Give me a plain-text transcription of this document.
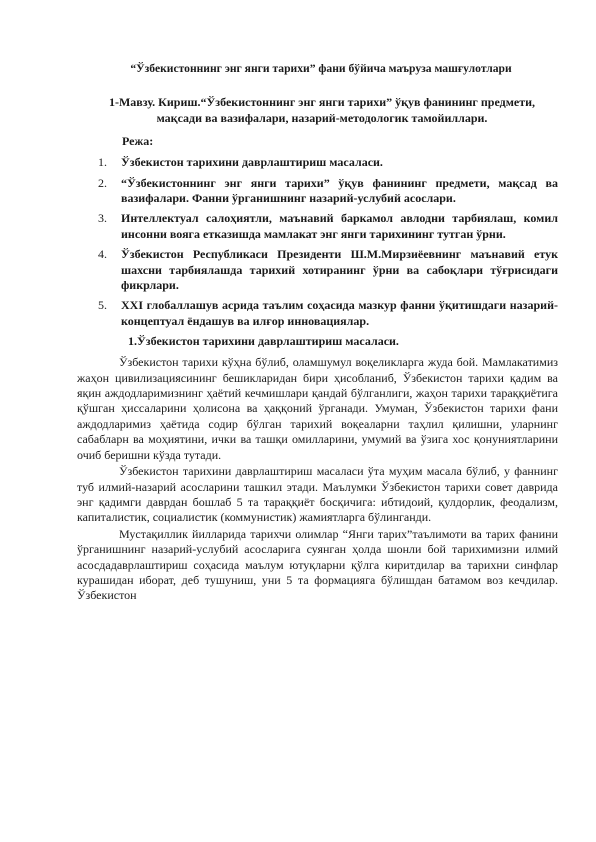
“Ўзбекистоннинг энг янги тарихи” фани бўйича маъруза машғулотлари
1-Мавзу. Кириш.“Ўзбекистоннинг энг янги тарихи” ўқув фанининг предмети, мақсади ва вазифалари, назарий-методологик тамойиллари.
Режа:
1. Ўзбекистон тарихини даврлаштириш масаласи.
2. “Ўзбекистоннинг энг янги тарихи” ўқув фанининг предмети, мақсад ва вазифалари. Фанни ўрганишнинг назарий-услубий асослари.
3. Интеллектуал салоҳиятли, маънавий баркамол авлодни тарбиялаш, комил инсонни вояга етказишда мамлакат энг янги тарихининг тутган ўрни.
4. Ўзбекистон Республикаси Президенти Ш.М.Мирзиёевнинг маънавий етук шахсни тарбиялашда тарихий хотиранинг ўрни ва сабоқлари тўғрисидаги фикрлари.
5. XXI глобаллашув асрида таълим соҳасида мазкур фанни ўқитишдаги назарий-концептуал ёндашув ва илғор инновациялар.
1.Ўзбекистон тарихини даврлаштириш масаласи.

Ўзбекистон тарихи кўҳна бўлиб, оламшумул воқеликларга жуда бой. Мамлакатимиз жаҳон цивилизациясининг бешикларидан бири ҳисобланиб, Ўзбекистон тарихи қадим ва яқин аждодларимизнинг ҳаётий кечмишлари қандай бўлганлиги, жаҳон тарихи тараққиётига қўшган ҳиссаларини ҳолисона ва ҳаққоний ўрганади. Умуман, Ўзбекистон тарихи фани аждодларимиз ҳаётида содир бўлган тарихий воқеаларни таҳлил қилишни, уларнинг сабабларн ва моҳиятини, ички ва ташқи омилларини, умумий ва ўзига хос қонуниятларини очиб беришни кўзда тутади.

Ўзбекистон тарихини даврлаштириш масаласи ўта муҳим масала бўлиб, у фаннинг туб илмий-назарий асосларини ташкил этади. Маълумки Ўзбекистон тарихи совет даврида энг қадимги даврдан бошлаб 5 та тараққиёт босқичига: ибтидоий, қулдорлик, феодализм, капиталистик, социалистик (коммунистик) жамиятларга бўлинганди.

Мустақиллик йилларида тарихчи олимлар “Янги тарих”таълимоти ва тарих фанини ўрганишнинг назарий-услубий асосларига суянган ҳолда шонли бой тарихимизни илмий асосдадаврлаштириш соҳасида маълум ютуқларни қўлга киритдилар ва тарихни синфлар курашидан иборат, деб тушуниш, уни 5 та формацияга бўлишдан батамом воз кечдилар. Ўзбекистон
